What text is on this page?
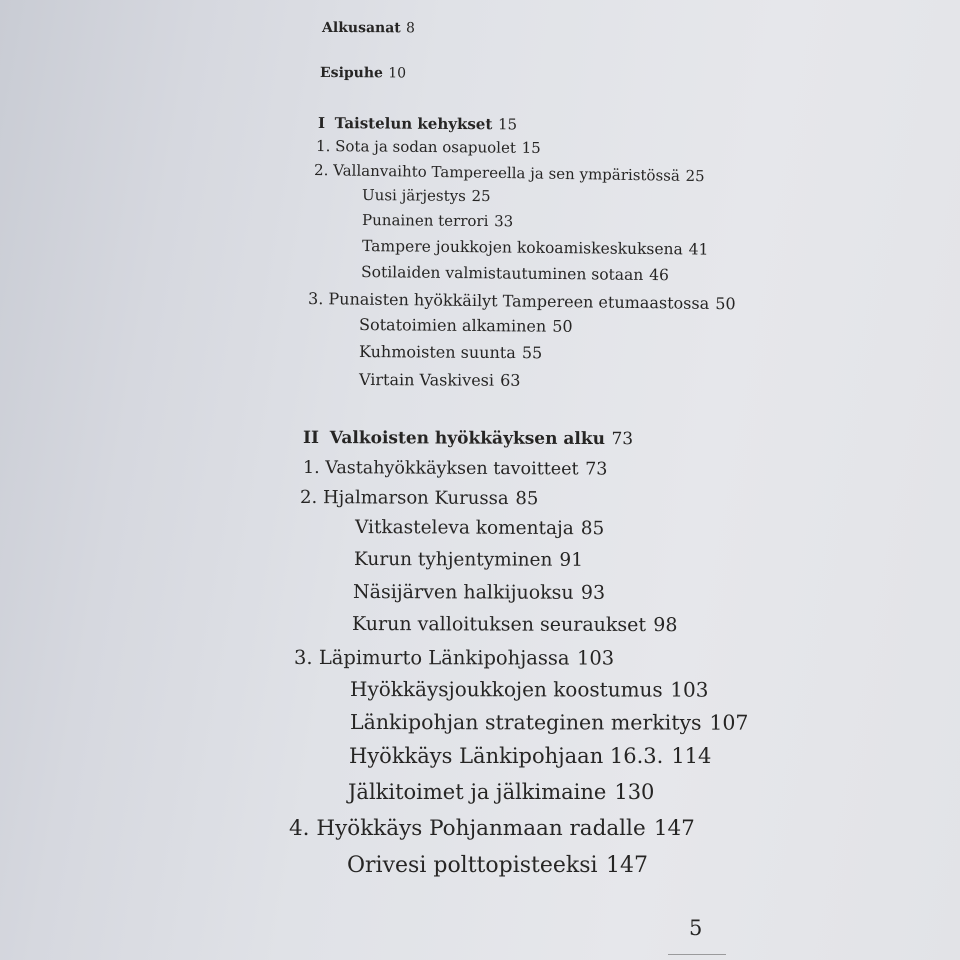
Alkusanat 8
Esipuhe 10
I Taistelun kehykset 15
1. Sota ja sodan osapuolet 15
2. Vallanvaihto Tampereella ja sen ympäristössä 25
Uusi järjestys 25
Punainen terrori 33
Tampere joukkojen kokoamiskeskuksena 41
Sotilaiden valmistautuminen sotaan 46
3. Punaisten hyökkäilyt Tampereen etumaastossa 50
Sotatoimien alkaminen 50
Kuhmoisten suunta 55
Virtain Vaskivesi 63
II Valkoisten hyökkäyksen alku 73
1. Vastahyökkäyksen tavoitteet 73
2. Hjalmarson Kurussa 85
Vitkasteleva komentaja 85
Kurun tyhjentyminen 91
Näsijärven halkijuoksu 93
Kurun valloituksen seuraukset 98
3. Läpimurto Länkipohjassa 103
Hyökkäysjoukkojen koostumus 103
Länkipohjan strateginen merkitys 107
Hyökkäys Länkipohjaan 16.3. 114
Jälkitoimet ja jälkimaine 130
4. Hyökkäys Pohjanmaan radalle 147
Orivesi polttopisteeksi 147
5
